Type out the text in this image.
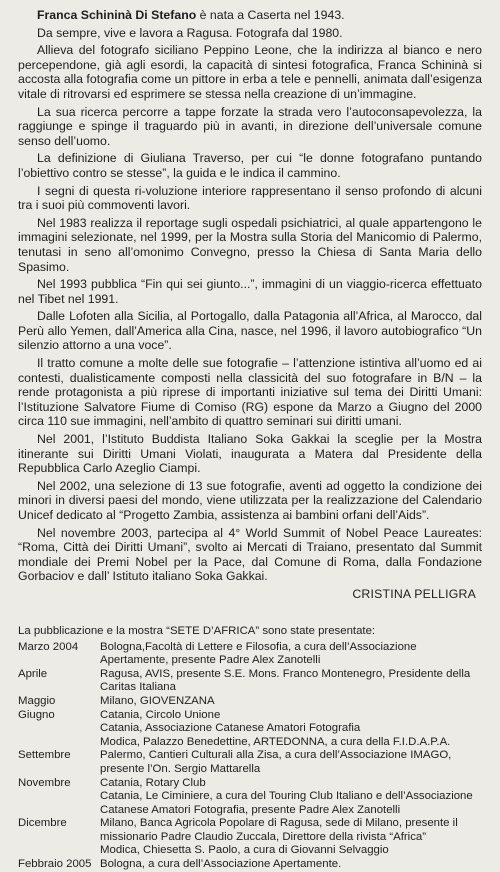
Franca Schininà Di Stefano è nata a Caserta nel 1943.

Da sempre, vive e lavora a Ragusa. Fotografa dal 1980.

Allieva del fotografo siciliano Peppino Leone, che la indirizza al bianco e nero percependone, già agli esordi, la capacità di sintesi fotografica, Franca Schininà si accosta alla fotografia come un pittore in erba a tele e pennelli, animata dall’esigenza vitale di ritrovarsi ed esprimere se stessa nella creazione di un’immagine.

La sua ricerca percorre a tappe forzate la strada vero l’autoconsapevolezza, la raggiunge e spinge il traguardo più in avanti, in direzione dell’universale comune senso dell’uomo.

La definizione di Giuliana Traverso, per cui “le donne fotografano puntando l’obiettivo contro se stesse”, la guida e le indica il cammino.

I segni di questa ri-voluzione interiore rappresentano il senso profondo di alcuni tra i suoi più commoventi lavori.

Nel 1983 realizza il reportage sugli ospedali psichiatrici, al quale appartengono le immagini selezionate, nel 1999, per la Mostra sulla Storia del Manicomio di Palermo, tenutasi in seno all’omonimo Convegno, presso la Chiesa di Santa Maria dello Spasimo.

Nel 1993 pubblica “Fin qui sei giunto...”, immagini di un viaggio-ricerca effettuato nel Tibet nel 1991.

Dalle Lofoten alla Sicilia, al Portogallo, dalla Patagonia all’Africa, al Marocco, dal Perù allo Yemen, dall’America alla Cina, nasce, nel 1996, il lavoro autobiografico “Un silenzio attorno a una voce”.

Il tratto comune a molte delle sue fotografie – l’attenzione istintiva all’uomo ed ai contesti, dualisticamente composti nella classicità del suo fotografare in B/N – la rende protagonista a più riprese di importanti iniziative sul tema dei Diritti Umani: l’Istituzione Salvatore Fiume di Comiso (RG) espone da Marzo a Giugno del 2000 circa 110 sue immagini, nell’ambito di quattro seminari sui diritti umani.

Nel 2001, l’Istituto Buddista Italiano Soka Gakkai la sceglie per la Mostra itinerante sui Diritti Umani Violati, inaugurata a Matera dal Presidente della Repubblica Carlo Azeglio Ciampi.

Nel 2002, una selezione di 13 sue fotografie, aventi ad oggetto la condizione dei minori in diversi paesi del mondo, viene utilizzata per la realizzazione del Calendario Unicef dedicato al “Progetto Zambia, assistenza ai bambini orfani dell’Aids”.

Nel novembre 2003, partecipa al 4° World Summit of Nobel Peace Laureates: “Roma, Città dei Diritti Umani”, svolto ai Mercati di Traiano, presentato dal Summit mondiale dei Premi Nobel per la Pace, dal Comune di Roma, dalla Fondazione Gorbaciov e dall’ Istituto italiano Soka Gakkai.

CRISTINA PELLIGRA
La pubblicazione e la mostra “SETE D’AFRICA” sono state presentate:
Marzo 2004	Bologna,Facoltà di Lettere e Filosofia, a cura dell’Associazione Apertamente, presente Padre Alex Zanotelli

Aprile	Ragusa, AVIS, presente S.E. Mons. Franco Montenegro, Presidente della Caritas Italiana

Maggio	Milano, GIOVENZANA

Giugno	Catania, Circolo Unione
Catania, Associazione Catanese Amatori Fotografia
Modica, Palazzo Benedettine, ARTEDONNA, a cura della F.I.D.A.P.A.

Settembre	Palermo, Cantieri Culturali alla Zisa, a cura dell’Associazione IMAGO, presente l’On. Sergio Mattarella

Novembre	Catania, Rotary Club
Catania, Le Ciminiere, a cura del Touring Club Italiano e dell’Associazione Catanese Amatori Fotografia, presente Padre Alex Zanotelli

Dicembre	Milano, Banca Agricola Popolare di Ragusa, sede di Milano, presente il missionario Padre Claudio Zuccala, Direttore della rivista “Africa”
Modica, Chiesetta S. Paolo, a cura di Giovanni Selvaggio

Febbraio 2005	Bologna, a cura dell’Associazione Apertamente.
